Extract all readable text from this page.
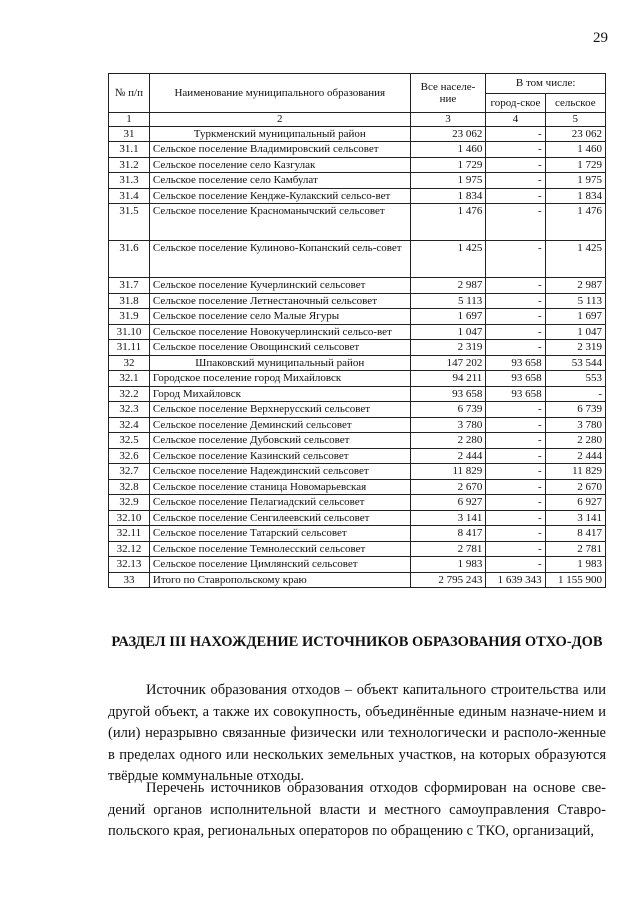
29
№ п/п	Наименование муниципального образования	Все населе-ние	В том числе:	
			город-ское	сельское
1	2	3	4	5
31	Туркменский муниципальный район	23 062	-	23 062
31.1	Сельское поселение Владимировский сельсовет	1 460	-	1 460
31.2	Сельское поселение село Казгулак	1 729	-	1 729
31.3	Сельское поселение село Камбулат	1 975	-	1 975
31.4	Сельское поселение Кендже-Кулакский сельсо-вет	1 834	-	1 834
31.5	Сельское поселение Красноманычский сельсовет	1 476	-	1 476
31.6	Сельское поселение Кулиново-Копанский сель-совет	1 425	-	1 425
31.7	Сельское поселение Кучерлинский сельсовет	2 987	-	2 987
31.8	Сельское поселение Летнестаночный сельсовет	5 113	-	5 113
31.9	Сельское поселение село Малые Ягуры	1 697	-	1 697
31.10	Сельское поселение Новокучерлинский сельсо-вет	1 047	-	1 047
31.11	Сельское поселение Овощинский сельсовет	2 319	-	2 319
32	Шпаковский муниципальный район	147 202	93 658	53 544
32.1	Городское поселение город Михайловск	94 211	93 658	553
32.2	Город Михайловск	93 658	93 658	-
32.3	Сельское поселение Верхнерусский сельсовет	6 739	-	6 739
32.4	Сельское поселение Деминский сельсовет	3 780	-	3 780
32.5	Сельское поселение Дубовский сельсовет	2 280	-	2 280
32.6	Сельское поселение Казинский сельсовет	2 444	-	2 444
32.7	Сельское поселение Надеждинский сельсовет	11 829	-	11 829
32.8	Сельское поселение станица Новомарьевская	2 670	-	2 670
32.9	Сельское поселение Пелагиадский сельсовет	6 927	-	6 927
32.10	Сельское поселение Сенгилеевский сельсовет	3 141	-	3 141
32.11	Сельское поселение Татарский сельсовет	8 417	-	8 417
32.12	Сельское поселение Темнолесский сельсовет	2 781	-	2 781
32.13	Сельское поселение Цимлянский сельсовет	1 983	-	1 983
33	Итого по Ставропольскому краю	2 795 243	1 639 343	1 155 900
РАЗДЕЛ III НАХОЖДЕНИЕ ИСТОЧНИКОВ ОБРАЗОВАНИЯ ОТХО-ДОВ

Источник образования отходов – объект капитального строительства или другой объект, а также их совокупность, объединённые единым назначе-нием и (или) неразрывно связанные физически или технологически и располо-женные в пределах одного или нескольких земельных участков, на которых образуются твёрдые коммунальные отходы.

Перечень источников образования отходов сформирован на основе све-дений органов исполнительной власти и местного самоуправления Ставро-польского края, региональных операторов по обращению с ТКО, организаций,
